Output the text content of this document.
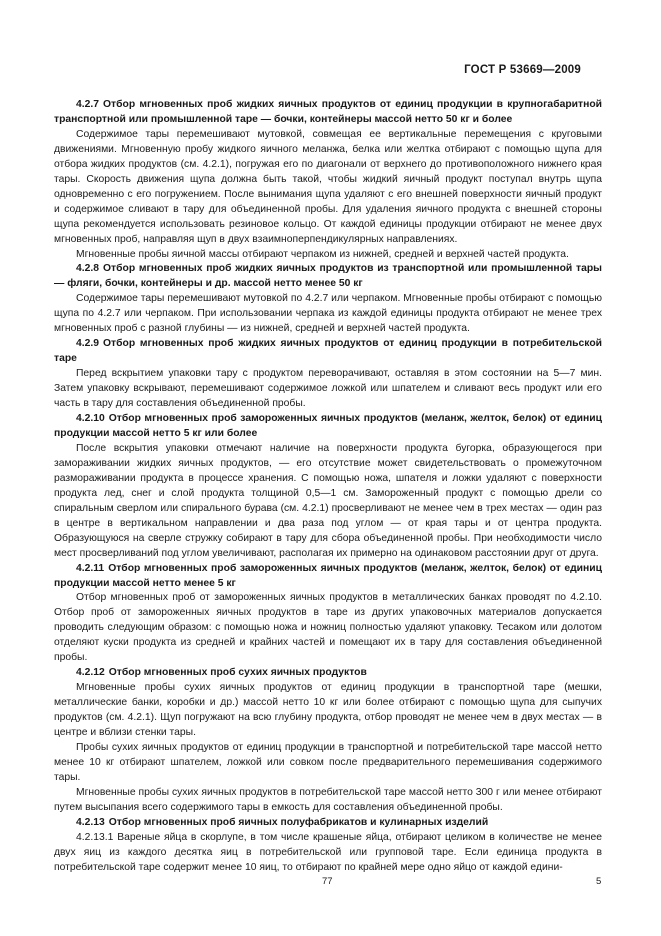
ГОСТ Р 53669—2009

4.2.7 Отбор мгновенных проб жидких яичных продуктов от единиц продукции в крупногабаритной транспортной или промышленной таре — бочки, контейнеры массой нетто 50 кг и более

Содержимое тары перемешивают мутовкой, совмещая ее вертикальные перемещения с круговыми движениями. Мгновенную пробу жидкого яичного меланжа, белка или желтка отбирают с помощью щупа для отбора жидких продуктов (см. 4.2.1), погружая его по диагонали от верхнего до противоположного нижнего края тары. Скорость движения щупа должна быть такой, чтобы жидкий яичный продукт поступал внутрь щупа одновременно с его погружением. После вынимания щупа удаляют с его внешней поверхности яичный продукт и содержимое сливают в тару для объединенной пробы. Для удаления яичного продукта с внешней стороны щупа рекомендуется использовать резиновое кольцо. От каждой единицы продукции отбирают не менее двух мгновенных проб, направляя щуп в двух взаимноперпендикулярных направлениях.

Мгновенные пробы яичной массы отбирают черпаком из нижней, средней и верхней частей продукта.

4.2.8 Отбор мгновенных проб жидких яичных продуктов из транспортной или промышленной тары — фляги, бочки, контейнеры и др. массой нетто менее 50 кг

Содержимое тары перемешивают мутовкой по 4.2.7 или черпаком. Мгновенные пробы отбирают с помощью щупа по 4.2.7 или черпаком. При использовании черпака из каждой единицы продукта отбирают не менее трех мгновенных проб с разной глубины — из нижней, средней и верхней частей продукта.

4.2.9 Отбор мгновенных проб жидких яичных продуктов от единиц продукции в потребительской таре

Перед вскрытием упаковки тару с продуктом переворачивают, оставляя в этом состоянии на 5—7 мин. Затем упаковку вскрывают, перемешивают содержимое ложкой или шпателем и сливают весь продукт или его часть в тару для составления объединенной пробы.

4.2.10 Отбор мгновенных проб замороженных яичных продуктов (меланж, желток, белок) от единиц продукции массой нетто 5 кг или более

После вскрытия упаковки отмечают наличие на поверхности продукта бугорка, образующегося при замораживании жидких яичных продуктов, — его отсутствие может свидетельствовать о промежуточном размораживании продукта в процессе хранения. С помощью ножа, шпателя и ложки удаляют с поверхности продукта лед, снег и слой продукта толщиной 0,5—1 см. Замороженный продукт с помощью дрели со спиральным сверлом или спирального бурава (см. 4.2.1) просверливают не менее чем в трех местах — один раз в центре в вертикальном направлении и два раза под углом — от края тары и от центра продукта. Образующуюся на сверле стружку собирают в тару для сбора объединенной пробы. При необходимости число мест просверливаний под углом увеличивают, располагая их примерно на одинаковом расстоянии друг от друга.

4.2.11 Отбор мгновенных проб замороженных яичных продуктов (меланж, желток, белок) от единиц продукции массой нетто менее 5 кг

Отбор мгновенных проб от замороженных яичных продуктов в металлических банках проводят по 4.2.10. Отбор проб от замороженных яичных продуктов в таре из других упаковочных материалов допускается проводить следующим образом: с помощью ножа и ножниц полностью удаляют упаковку. Тесаком или долотом отделяют куски продукта из средней и крайних частей и помещают их в тару для составления объединенной пробы.

4.2.12 Отбор мгновенных проб сухих яичных продуктов

Мгновенные пробы сухих яичных продуктов от единиц продукции в транспортной таре (мешки, металлические банки, коробки и др.) массой нетто 10 кг или более отбирают с помощью щупа для сыпучих продуктов (см. 4.2.1). Щуп погружают на всю глубину продукта, отбор проводят не менее чем в двух местах — в центре и вблизи стенки тары.

Пробы сухих яичных продуктов от единиц продукции в транспортной и потребительской таре массой нетто менее 10 кг отбирают шпателем, ложкой или совком после предварительного перемешивания содержимого тары.

Мгновенные пробы сухих яичных продуктов в потребительской таре массой нетто 300 г или менее отбирают путем высыпания всего содержимого тары в емкость для составления объединенной пробы.

4.2.13 Отбор мгновенных проб яичных полуфабрикатов и кулинарных изделий

4.2.13.1 Вареные яйца в скорлупе, в том числе крашеные яйца, отбирают целиком в количестве не менее двух яиц из каждого десятка яиц в потребительской или групповой таре. Если единица продукта в потребительской таре содержит менее 10 яиц, то отбирают по крайней мере одно яйцо от каждой едини-

77	5
